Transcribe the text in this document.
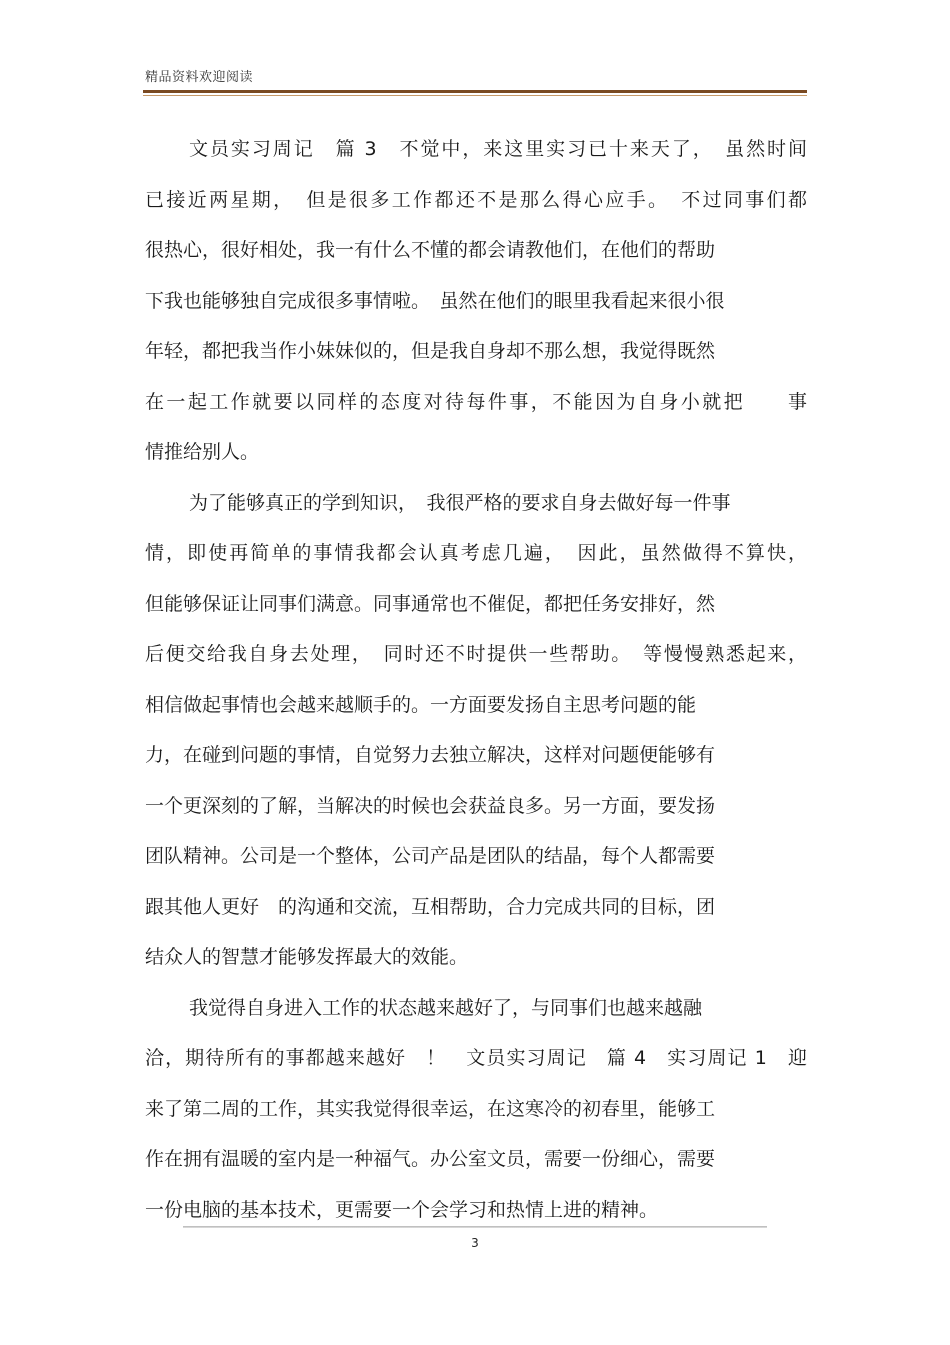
精品资料欢迎阅读
文员实习周记　篇 3　不觉中，来这里实习已十来天了，　虽然时间
已接近两星期，　但是很多工作都还不是那么得心应手。　不过同事们都
很热心，很好相处，我一有什么不懂的都会请教他们，在他们的帮助
下我也能够独自完成很多事情啦。　虽然在他们的眼里我看起来很小很
年轻，都把我当作小妹妹似的，但是我自身却不那么想，我觉得既然
在一起工作就要以同样的态度对待每件事，不能因为自身小就把　　事
情推给别人。
为了能够真正的学到知识，　我很严格的要求自身去做好每一件事
情，即使再简单的事情我都会认真考虑几遍，　因此，虽然做得不算快，
但能够保证让同事们满意。同事通常也不催促，都把任务安排好，然
后便交给我自身去处理，　同时还不时提供一些帮助。　等慢慢熟悉起来，
相信做起事情也会越来越顺手的。一方面要发扬自主思考问题的能
力，在碰到问题的事情，自觉努力去独立解决，这样对问题便能够有
一个更深刻的了解，当解决的时候也会获益良多。另一方面，要发扬
团队精神。公司是一个整体，公司产品是团队的结晶，每个人都需要
跟其他人更好　的沟通和交流，互相帮助，合力完成共同的目标，团
结众人的智慧才能够发挥最大的效能。
我觉得自身进入工作的状态越来越好了，与同事们也越来越融
洽，期待所有的事都越来越好　！　文员实习周记　篇 4　实习周记 1　迎
来了第二周的工作，其实我觉得很幸运，在这寒冷的初春里，能够工
作在拥有温暖的室内是一种福气。办公室文员，需要一份细心，需要
一份电脑的基本技术，更需要一个会学习和热情上进的精神。
3
